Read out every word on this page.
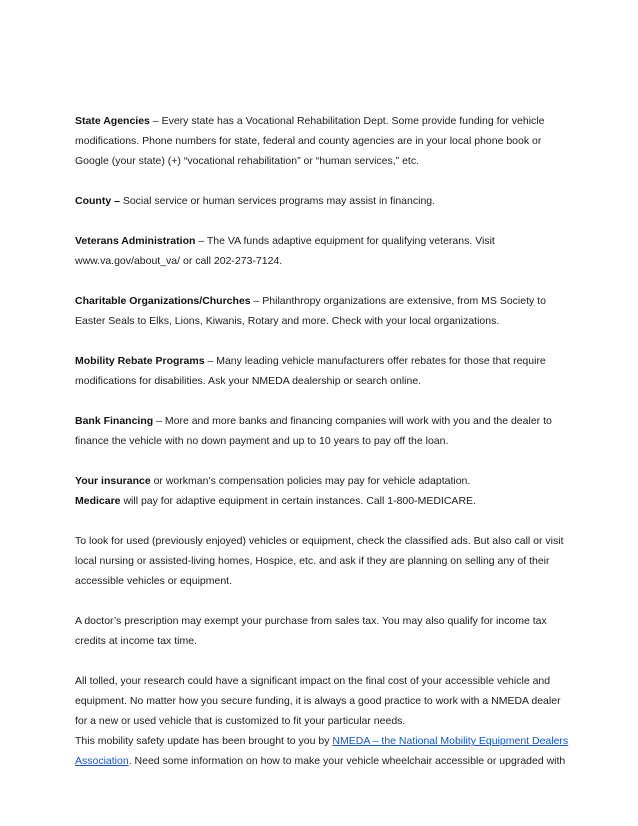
State Agencies – Every state has a Vocational Rehabilitation Dept. Some provide funding for vehicle modifications. Phone numbers for state, federal and county agencies are in your local phone book or Google (your state) (+) “vocational rehabilitation” or “human services,” etc.

County – Social service or human services programs may assist in financing.

Veterans Administration – The VA funds adaptive equipment for qualifying veterans. Visit www.va.gov/about_va/ or call 202-273-7124.

Charitable Organizations/Churches – Philanthropy organizations are extensive, from MS Society to Easter Seals to Elks, Lions, Kiwanis, Rotary and more. Check with your local organizations.

Mobility Rebate Programs – Many leading vehicle manufacturers offer rebates for those that require modifications for disabilities. Ask your NMEDA dealership or search online.

Bank Financing – More and more banks and financing companies will work with you and the dealer to finance the vehicle with no down payment and up to 10 years to pay off the loan.

Your insurance or workman’s compensation policies may pay for vehicle adaptation.

Medicare will pay for adaptive equipment in certain instances. Call 1-800-MEDICARE.

To look for used (previously enjoyed) vehicles or equipment, check the classified ads. But also call or visit local nursing or assisted-living homes, Hospice, etc. and ask if they are planning on selling any of their accessible vehicles or equipment.

A doctor’s prescription may exempt your purchase from sales tax. You may also qualify for income tax credits at income tax time.

All tolled, your research could have a significant impact on the final cost of your accessible vehicle and equipment. No matter how you secure funding, it is always a good practice to work with a NMEDA dealer for a new or used vehicle that is customized to fit your particular needs.

This mobility safety update has been brought to you by NMEDA – the National Mobility Equipment Dealers Association. Need some information on how to make your vehicle wheelchair accessible or upgraded with
